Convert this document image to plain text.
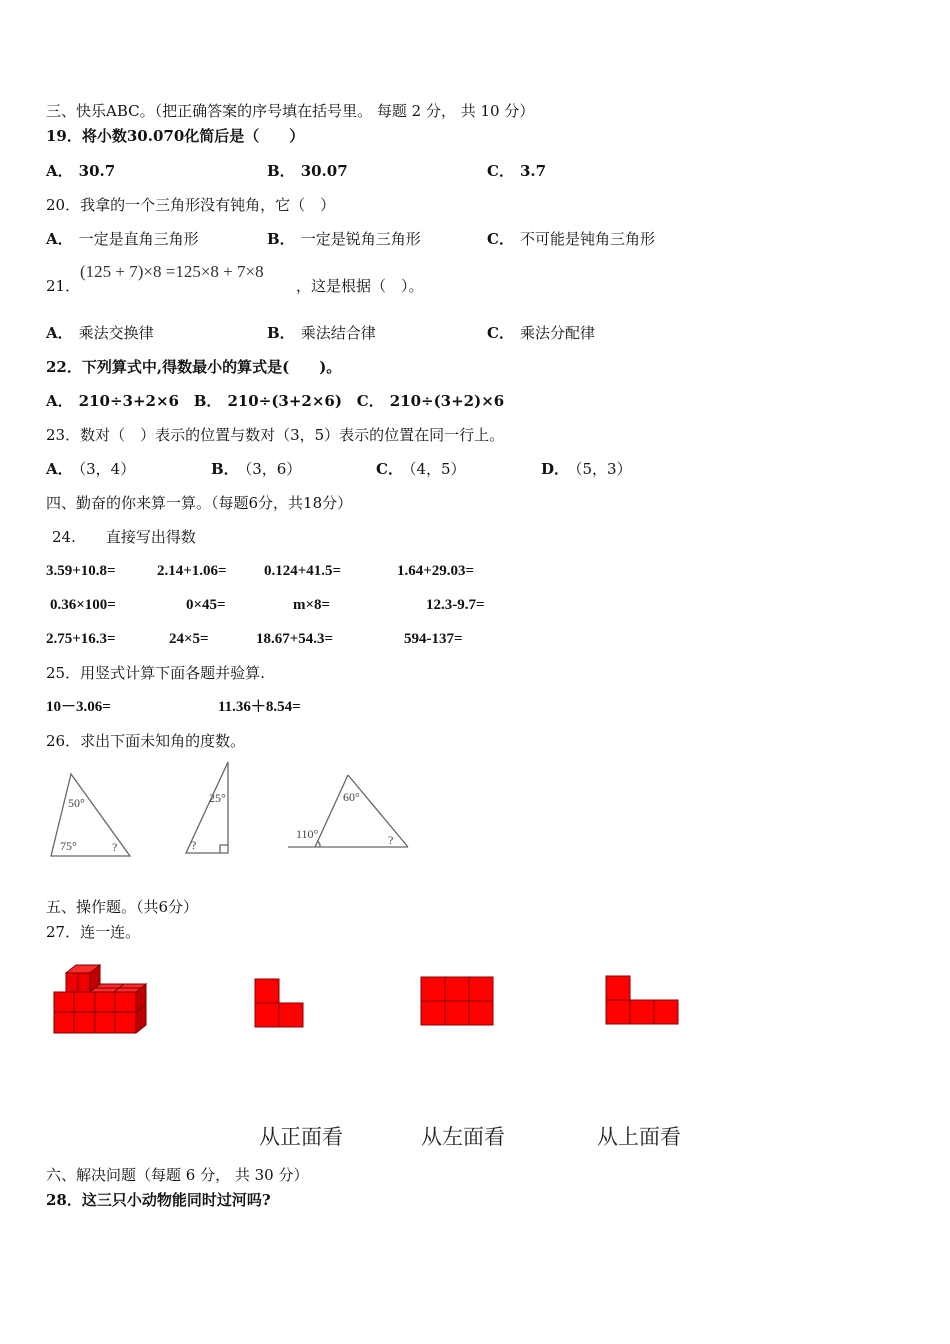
三、快乐ABC。（把正确答案的序号填在括号里。 每题 2 分， 共 10 分）
19．将小数30.070化简后是（　　）
A． 30.7	B． 30.07	C． 3.7
20．我拿的一个三角形没有钝角，它（　）
A． 一定是直角三角形	B． 一定是锐角三角形	C． 不可能是钝角三角形
21．
(125 + 7)×8 =125×8 + 7×8
，这是根据（　）。
A． 乘法交换律	B． 乘法结合律	C． 乘法分配律
22．下列算式中,得数最小的算式是(　　)。
A． 210÷3+2×6 B． 210÷(3+2×6) C． 210÷(3+2)×6
23．数对（　）表示的位置与数对（3，5）表示的位置在同一行上。
A． （3，4）	B． （3，6）	C． （4，5）	D． （5，3）
四、勤奋的你来算一算。（每题6分，共18分）
24.　　直接写出得数
3.59+10.8=	2.14+1.06= 0.124+41.5=	1.64+29.03=
0.36×100=	0×45=	m×8=	12.3-9.7=
2.75+16.3=	24×5=	18.67+54.3=	594-137=
25．用竖式计算下面各题并验算.
10－3.06=	11.36＋8.54=
26．求出下面未知角的度数。
50°
75°	?
25°
?
60°
110°	?
五、操作题。（共6分）
27．连一连。
从正面看	从左面看	从上面看
六、解决问题（每题 6 分， 共 30 分）
28．这三只小动物能同时过河吗?
